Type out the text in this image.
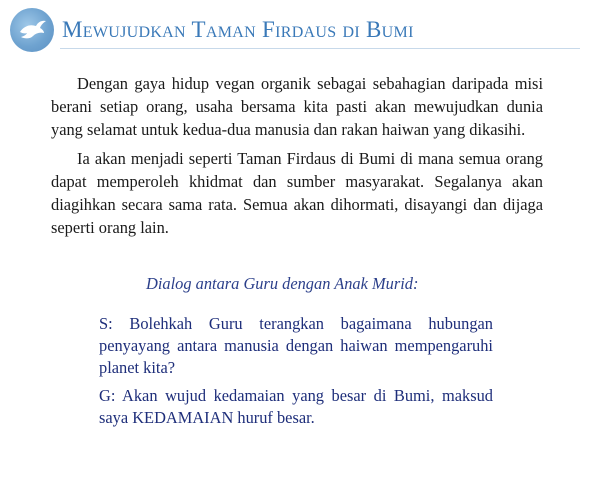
Mewujudkan Taman Firdaus di Bumi

Dengan gaya hidup vegan organik sebagai sebahagian daripada misi berani setiap orang, usaha bersama kita pasti akan mewujudkan dunia yang selamat untuk kedua-dua manusia dan rakan haiwan yang dikasihi.

Ia akan menjadi seperti Taman Firdaus di Bumi di mana semua orang dapat memperoleh khidmat dan sumber masyarakat. Segalanya akan diagihkan secara sama rata. Semua akan dihormati, disayangi dan dijaga seperti orang lain.

Dialog antara Guru dengan Anak Murid:

S: Bolehkah Guru terangkan bagaimana hubungan penyayang antara manusia dengan haiwan mempengaruhi planet kita?

G: Akan wujud kedamaian yang besar di Bumi, maksud saya KEDAMAIAN huruf besar.
